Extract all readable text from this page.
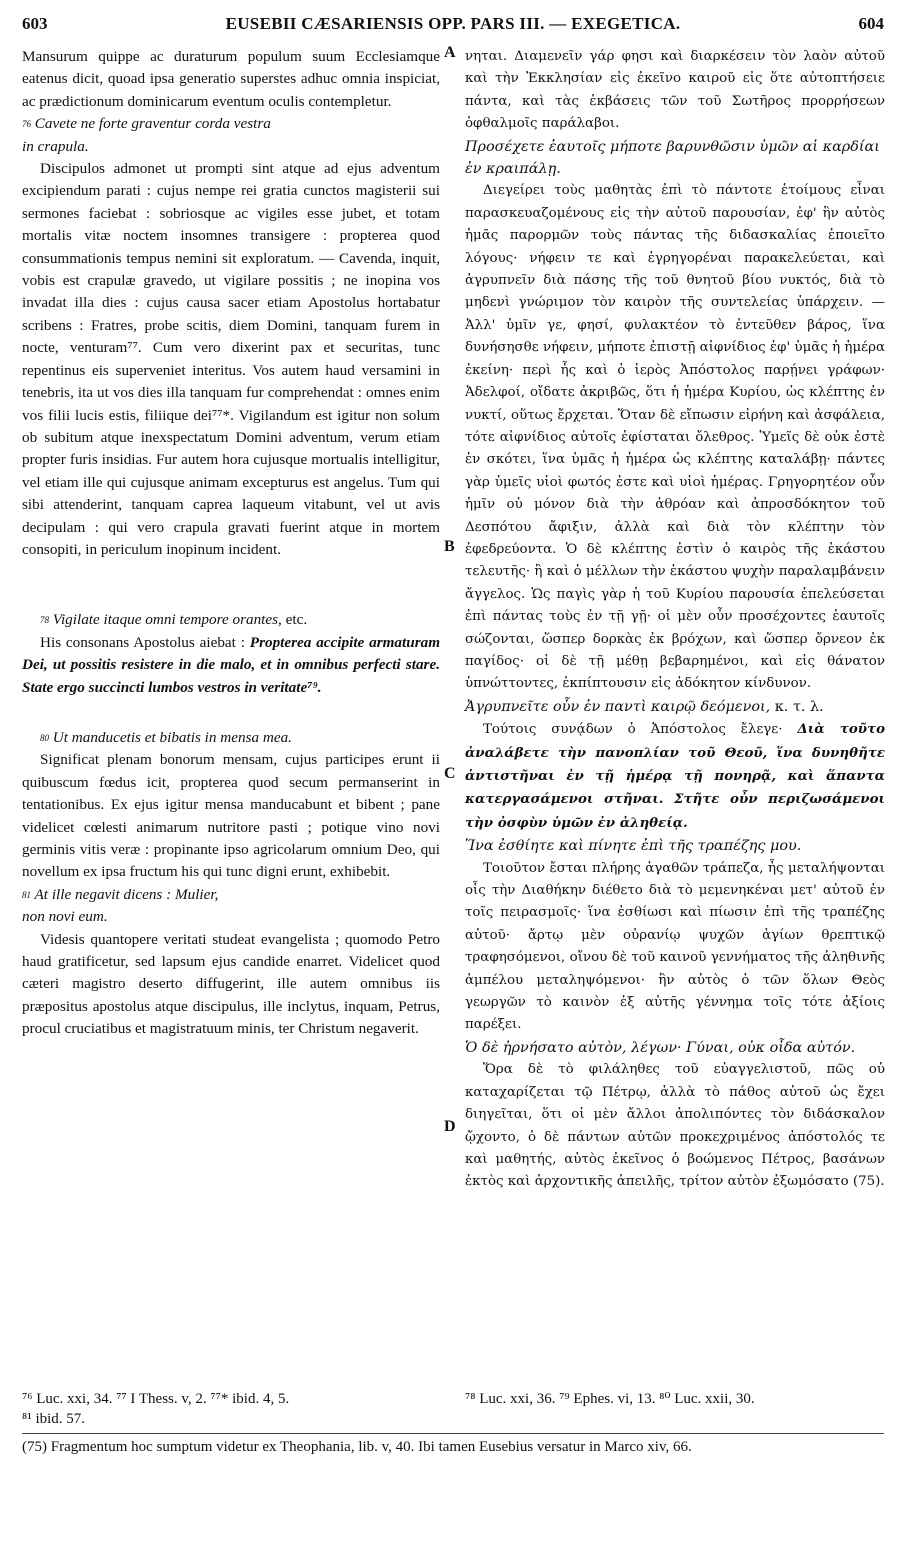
603	EUSEBII CÆSARIENSIS OPP. PARS III. — EXEGETICA.	604
A
B
C
D

Mansurum quippe ac duraturum populum suum Ecclesiamque eatenus dicit, quoad ipsa generatio superstes adhuc omnia inspiciat, ac prædictionum dominicarum eventum oculis contempletur.

$^{76}$ Cavete ne forte graventur corda vestra
in crapula.

Discipulos admonet ut prompti sint atque ad ejus adventum excipiendum parati : cujus nempe rei gratia cunctos magisterii sui sermones faciebat : sobriosque ac vigiles esse jubet, et totam mortalis vitæ noctem insomnes transigere : propterea quod consummationis tempus nemini sit exploratum. — Cavenda, inquit, vobis est crapulæ gravedo, ut vigilare possitis ; ne inopina vos invadat illa dies : cujus causa sacer etiam Apostolus hortabatur scribens : Fratres, probe scitis, diem Domini, tanquam furem in nocte, venturam⁷⁷. Cum vero dixerint pax et securitas, tunc repentinus eis superveniet interitus. Vos autem haud versamini in tenebris, ita ut vos dies illa tanquam fur comprehendat : omnes enim vos filii lucis estis, filiique dei⁷⁷*. Vigilandum est igitur non solum ob subitum atque inexspectatum Domini adventum, verum etiam propter furis insidias. Fur autem hora cujusque mortualis intelligitur, vel etiam ille qui cujusque animam excepturus est angelus. Tum qui sibi attenderint, tanquam caprea laqueum vitabunt, vel ut avis decipulam : qui vero crapula gravati fuerint atque in mortem consopiti, in periculum inopinum incident.

$^{78}$ Vigilate itaque omni tempore orantes, etc.

His consonans Apostolus aiebat : Propterea accipite armaturam Dei, ut possitis resistere in die malo, et in omnibus perfecti stare. State ergo succincti lumbos vestros in veritate⁷⁹.

$^{80}$ Ut manducetis et bibatis in mensa mea.

Significat plenam bonorum mensam, cujus participes erunt ii quibuscum fœdus icit, propterea quod secum permanserint in tentationibus. Ex ejus igitur mensa manducabunt et bibent ; pane videlicet cœlesti animarum nutritore pasti ; potique vino novi germinis vitis veræ : propinante ipso agricolarum omnium Deo, qui novellum ex ipsa fructum his qui tunc digni erunt, exhibebit.

$^{81}$ At ille negavit dicens : Mulier,
non novi eum.

Videsis quantopere veritati studeat evangelista ; quomodo Petro haud gratificetur, sed lapsum ejus candide enarret. Videlicet quod cæteri magistro deserto diffugerint, ille autem omnibus iis præpositus apostolus atque discipulus, ille inclytus, inquam, Petrus, procul cruciatibus et magistratuum minis, ter Christum negaverit.

νηται. Διαμενεῖν γάρ φησι καὶ διαρκέσειν τὸν λαὸν αὐτοῦ καὶ τὴν Ἐκκλησίαν εἰς ἐκεῖνο καιροῦ εἰς ὅτε αὐτοπτήσειε πάντα, καὶ τὰς ἐκβάσεις τῶν τοῦ Σωτῆρος προρρήσεων ὀφθαλμοῖς παράλαβοι.

Προσέχετε ἑαυτοῖς μήποτε βαρυνθῶσιν ὑμῶν αἱ καρδίαι ἐν κραιπάλῃ.

Διεγείρει τοὺς μαθητὰς ἐπὶ τὸ πάντοτε ἑτοίμους εἶναι παρασκευαζομένους εἰς τὴν αὐτοῦ παρουσίαν, ἐφ' ἣν αὐτὸς ἡμᾶς παρορμῶν τοὺς πάντας τῆς διδασκαλίας ἐποιεῖτο λόγους· νήφειν τε καὶ ἐγρηγορέναι παρακελεύεται, καὶ ἀγρυπνεῖν διὰ πάσης τῆς τοῦ θνητοῦ βίου νυκτός, διὰ τὸ μηδενὶ γνώριμον τὸν καιρὸν τῆς συντελείας ὑπάρχειν. — Ἀλλ' ὑμῖν γε, φησί, φυλακτέον τὸ ἐντεῦθεν βάρος, ἵνα δυνήσησθε νήφειν, μήποτε ἐπιστῇ αἰφνίδιος ἐφ' ὑμᾶς ἡ ἡμέρα ἐκείνη· περὶ ἧς καὶ ὁ ἱερὸς Ἀπόστολος παρῄνει γράφων· Ἀδελφοί, οἴδατε ἀκριβῶς, ὅτι ἡ ἡμέρα Κυρίου, ὡς κλέπτης ἐν νυκτί, οὕτως ἔρχεται. Ὅταν δὲ εἴπωσιν εἰρήνη καὶ ἀσφάλεια, τότε αἰφνίδιος αὐτοῖς ἐφίσταται ὄλεθρος. Ὑμεῖς δὲ οὐκ ἐστὲ ἐν σκότει, ἵνα ὑμᾶς ἡ ἡμέρα ὡς κλέπτης καταλάβῃ· πάντες γὰρ ὑμεῖς υἱοὶ φωτός ἐστε καὶ υἱοὶ ἡμέρας. Γρηγορητέον οὖν ἡμῖν οὐ μόνον διὰ τὴν ἀθρόαν καὶ ἀπροσδόκητον τοῦ Δεσπότου ἄφιξιν, ἀλλὰ καὶ διὰ τὸν κλέπτην τὸν ἐφεδρεύοντα. Ὁ δὲ κλέπτης ἐστὶν ὁ καιρὸς τῆς ἑκάστου τελευτῆς· ἢ καὶ ὁ μέλλων τὴν ἑκάστου ψυχὴν παραλαμβάνειν ἄγγελος. Ὡς παγὶς γὰρ ἡ τοῦ Κυρίου παρουσία ἐπελεύσεται ἐπὶ πάντας τοὺς ἐν τῇ γῇ· οἱ μὲν οὖν προσέχοντες ἑαυτοῖς σώζονται, ὥσπερ δορκὰς ἐκ βρόχων, καὶ ὥσπερ ὄρνεον ἐκ παγίδος· οἱ δὲ τῇ μέθῃ βεβαρημένοι, καὶ εἰς θάνατον ὑπνώττοντες, ἐκπίπτουσιν εἰς ἀδόκητον κίνδυνον.

Ἀγρυπνεῖτε οὖν ἐν παντὶ καιρῷ δεόμενοι, κ. τ. λ.

Τούτοις συνᾴδων ὁ Ἀπόστολος ἔλεγε· Διὰ τοῦτο ἀναλάβετε τὴν πανοπλίαν τοῦ Θεοῦ, ἵνα δυνηθῆτε ἀντιστῆναι ἐν τῇ ἡμέρᾳ τῇ πονηρᾷ, καὶ ἅπαντα κατεργασάμενοι στῆναι. Στῆτε οὖν περιζωσάμενοι τὴν ὀσφὺν ὑμῶν ἐν ἀληθείᾳ.

Ἵνα ἐσθίητε καὶ πίνητε ἐπὶ τῆς τραπέζης μου.

Τοιοῦτον ἔσται πλήρης ἀγαθῶν τράπεζα, ἧς μεταλήψονται οἷς τὴν Διαθήκην διέθετο διὰ τὸ μεμενηκέναι μετ' αὐτοῦ ἐν τοῖς πειρασμοῖς· ἵνα ἐσθίωσι καὶ πίωσιν ἐπὶ τῆς τραπέζης αὐτοῦ· ἄρτῳ μὲν οὐρανίῳ ψυχῶν ἁγίων θρεπτικῷ τραφησόμενοι, οἴνου δὲ τοῦ καινοῦ γεννήματος τῆς ἀληθινῆς ἀμπέλου μεταληψόμενοι· ἣν αὐτὸς ὁ τῶν ὅλων Θεὸς γεωργῶν τὸ καινὸν ἐξ αὐτῆς γέννημα τοῖς τότε ἀξίοις παρέξει.

Ὁ δὲ ἠρνήσατο αὐτὸν, λέγων· Γύναι, οὐκ οἶδα αὐτόν.

Ὅρα δὲ τὸ φιλάληθες τοῦ εὐαγγελιστοῦ, πῶς οὐ καταχαρίζεται τῷ Πέτρῳ, ἀλλὰ τὸ πάθος αὐτοῦ ὡς ἔχει διηγεῖται, ὅτι οἱ μὲν ἄλλοι ἀπολιπόντες τὸν διδάσκαλον ᾤχοντο, ὁ δὲ πάντων αὐτῶν προκεχριμένος ἀπόστολός τε καὶ μαθητής, αὐτὸς ἐκεῖνος ὁ βοώμενος Πέτρος, βασάνων ἐκτὸς καὶ ἀρχοντικῆς ἀπειλῆς, τρίτον αὐτὸν ἐξωμόσατο (75).

⁷⁶ Luc. xxi, 34. ⁷⁷ I Thess. v, 2. ⁷⁷* ibid. 4, 5.
⁸¹ ibid. 57.
⁷⁸ Luc. xxi, 36. ⁷⁹ Ephes. vi, 13. ⁸⁰ Luc. xxii, 30.
(75) Fragmentum hoc sumptum videtur ex Theophania, lib. v, 40. Ibi tamen Eusebius versatur in Marco xiv, 66.
